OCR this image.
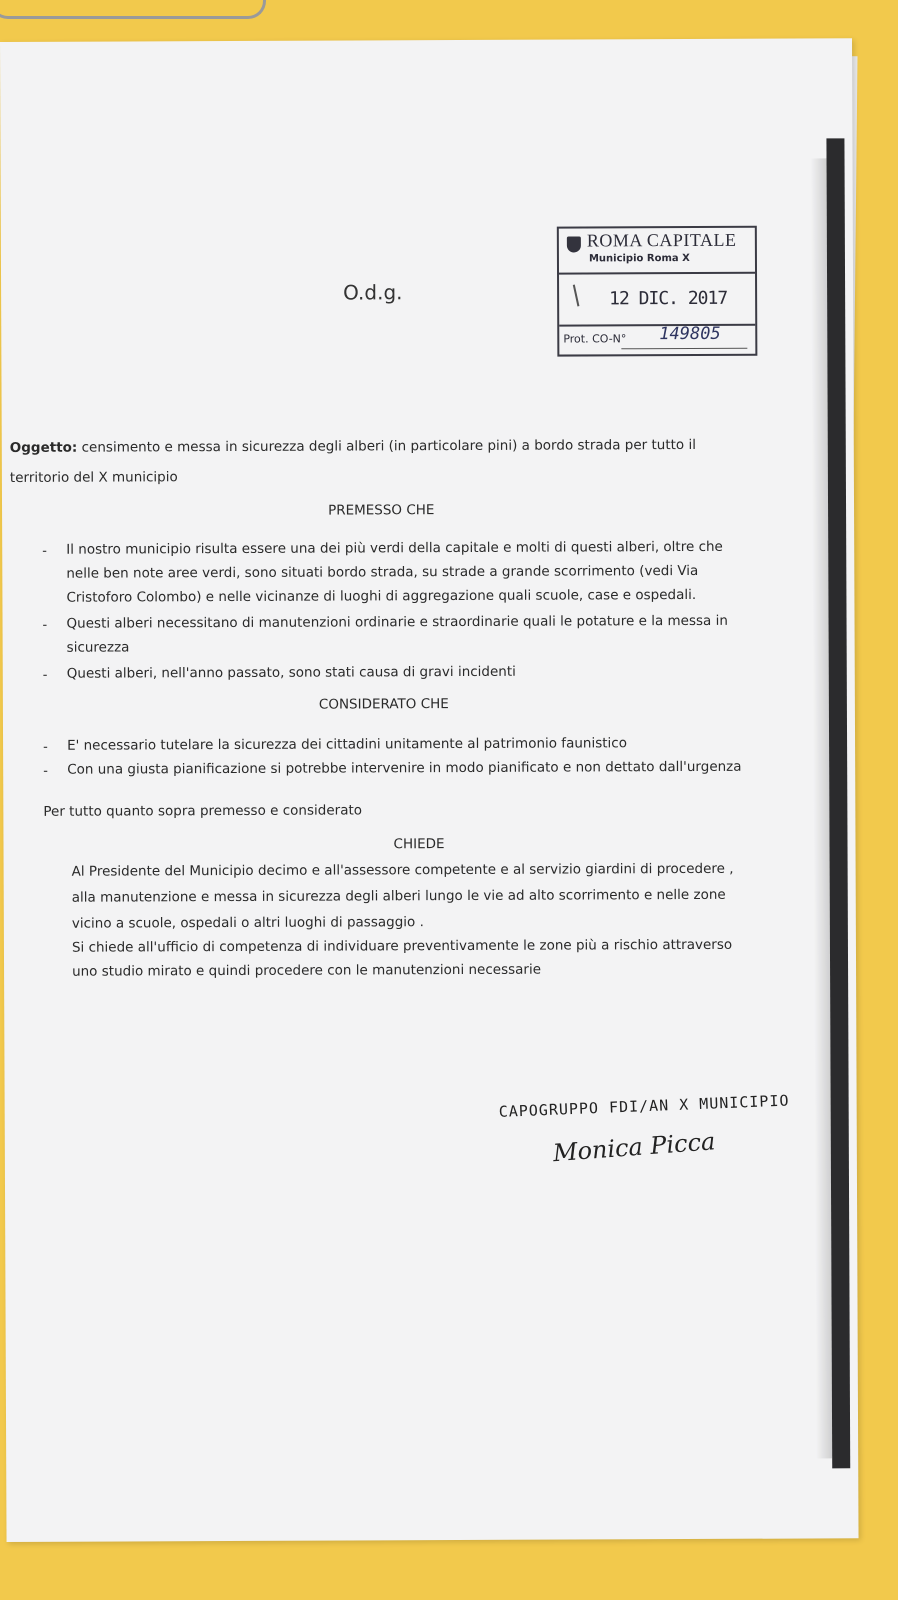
O.d.g.
ROMA CAPITALE
Municipio Roma X
12 DIC. 2017
Prot. CO-N° 149805
Oggetto: censimento e messa in sicurezza degli alberi (in particolare pini) a bordo strada per tutto il
territorio del X municipio
PREMESSO CHE
- Il nostro municipio risulta essere una dei più verdi della capitale e molti di questi alberi, oltre che
nelle ben note aree verdi, sono situati bordo strada, su strade a grande scorrimento (vedi Via
Cristoforo Colombo) e nelle vicinanze di luoghi di aggregazione quali scuole, case e ospedali.
- Questi alberi necessitano di manutenzioni ordinarie e straordinarie quali le potature e la messa in
sicurezza
- Questi alberi, nell'anno passato, sono stati causa di gravi incidenti
CONSIDERATO CHE
- E' necessario tutelare la sicurezza dei cittadini unitamente al patrimonio faunistico
- Con una giusta pianificazione si potrebbe intervenire in modo pianificato e non dettato dall'urgenza
Per tutto quanto sopra premesso e considerato
CHIEDE
Al Presidente del Municipio decimo e all'assessore competente e al servizio giardini di procedere ,
alla manutenzione e messa in sicurezza degli alberi lungo le vie ad alto scorrimento e nelle zone
vicino a scuole, ospedali o altri luoghi di passaggio .
Si chiede all'ufficio di competenza di individuare preventivamente le zone più a rischio attraverso
uno studio mirato e quindi procedere con le manutenzioni necessarie
CAPOGRUPPO FDI/AN X MUNICIPIO
Monica Picca
